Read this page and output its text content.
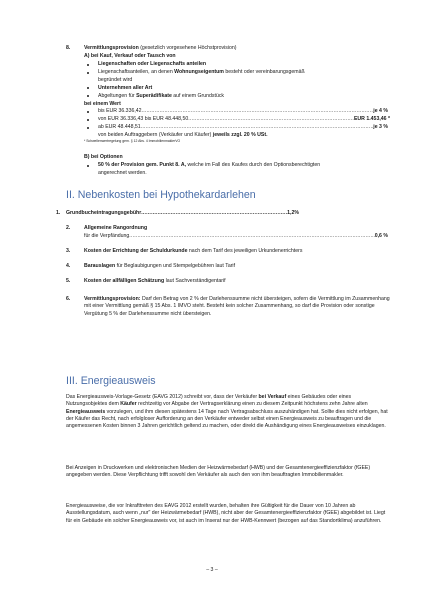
8.	Vermittlungsprovision (gesetzlich vorgesehene Höchstprovision)
A) bei Kauf, Verkauf oder Tausch von
Liegenschaften oder Liegenschafts anteilen
Liegenschaftsanteilen, an denen Wohnungseigentum besteht oder vereinbarungsgemäß
begründet wird
Unternehmen aller Art
Abgeltungen für Superädifikate auf einem Grundstück
bei einem Wert
bis EUR 36.336,42 .....	je 4 %
von EUR 36.336,43 bis EUR 48.448,50 .....	EUR 1.453,46 *
ab EUR 48.448,51 .....	je 3 %
von beiden Auftraggebern (Verkäufer und Käufer) jeweils zzgl. 20 % USt.
* Schwellenwertregelung gem. § 12 Abs. 4 ImmobilienmaklerVO
B) bei Optionen
50 % der Provision gem. Punkt 8. A, welche im Fall des Kaufes durch den Optionsberechtigten
angerechnet werden.
II. Nebenkosten bei Hypothekardarlehen
1. Grundbucheintragungsgebühr .....	1,2%
2.	Allgemeine Rangordnung
für die Verpfändung .....	0,6 %
3.	Kosten der Errichtung der Schuldurkunde nach dem Tarif des jeweiligen Urkundenerrichters
4.	Barauslagen für Beglaubigungen und Stempelgebühren laut Tarif
5.	Kosten der allfälligen Schätzung laut Sachverständigentarif
6.	Vermittlungsprovision: Darf den Betrag von 2 % der Darlehenssumme nicht übersteigen, sofern die Vermittlung im Zusammenhang mit einer Vermittlung gemäß § 15 Abs. 1 IMVO steht. Besteht kein solcher Zusammenhang, so darf die Provision oder sonstige Vergütung 5 % der Darlehenssumme nicht übersteigen.
III. Energieausweis
Das Energieausweis-Vorlage-Gesetz (EAVG 2012) schreibt vor, dass der Verkäufer bei Verkauf eines Gebäudes oder eines Nutzungsobjektes dem Käufer rechtzeitig vor Abgabe der Vertragserklärung einen zu diesem Zeitpunkt höchstens zehn Jahre alten Energieausweis vorzulegen, und ihm diesen spätestens 14 Tage nach Vertragsabschluss auszuhändigen hat. Sollte dies nicht erfolgen, hat der Käufer das Recht, nach erfolgloser Aufforderung an den Verkäufer entweder selbst einen Energieausweis zu beauftragen und die angemessenen Kosten binnen 3 Jahren gerichtlich geltend zu machen, oder direkt die Aushändigung eines Energieausweises einzuklagen.
Bei Anzeigen in Druckwerken und elektronischen Medien der Heizwärmebedarf (HWB) und der Gesamtenergieeffizienzfaktor (fGEE) angegeben werden. Diese Verpflichtung trifft sowohl den Verkäufer als auch den von ihm beauftragten Immobilienmakler.
Energieausweise, die vor Inkrafttreten des EAVG 2012 erstellt wurden, behalten ihre Gültigkeit für die Dauer von 10 Jahren ab Ausstellungsdatum, auch wenn „nur" der Heizwärmebedarf (HWB), nicht aber der Gesamtenergieeffizienzfaktor (fGEE) abgebildet ist. Liegt für ein Gebäude ein solcher Energieausweis vor, ist auch im Inserat nur der HWB-Kennwert (bezogen auf das Standortklima) anzuführen.
– 3 –
